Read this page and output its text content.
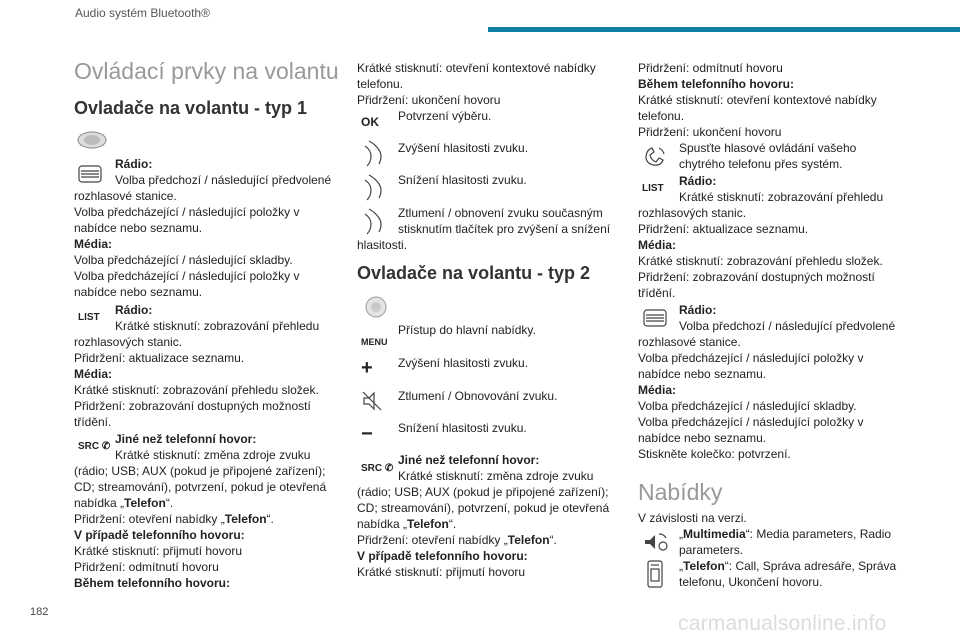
Audio systém Bluetooth®
182	carmanualsonline.info
Ovládací prvky na volantu
Ovladače na volantu - typ 1
Rádio:
Volba předchozí / následující předvolené
rozhlasové stanice.
Volba předcházející / následující položky v
nabídce nebo seznamu.
Média:
Volba předcházející / následující skladby.
Volba předcházející / následující položky v
nabídce nebo seznamu.
LIST
Rádio:
Krátké stisknutí: zobrazování přehledu
rozhlasových stanic.
Přidržení: aktualizace seznamu.
Média:
Krátké stisknutí: zobrazování přehledu složek.
Přidržení: zobrazování dostupných možností
třídění.
SRC ✆
Jiné než telefonní hovor:
Krátké stisknutí: změna zdroje zvuku
(rádio; USB; AUX (pokud je připojené zařízení);
CD; streamování), potvrzení, pokud je otevřená
nabídka „Telefon“.
Přidržení: otevření nabídky „Telefon“.
V případě telefonního hovoru:
Krátké stisknutí: přijmutí hovoru
Přidržení: odmítnutí hovoru
Během telefonního hovoru:
Krátké stisknutí: otevření kontextové nabídky
telefonu.
Přidržení: ukončení hovoru
OK	Potvrzení výběru.
Zvýšení hlasitosti zvuku.
Snížení hlasitosti zvuku.
Ztlumení / obnovení zvuku současným
stisknutím tlačítek pro zvýšení a snížení
hlasitosti.
Ovladače na volantu - typ 2
MENU
Přístup do hlavní nabídky.
+	Zvýšení hlasitosti zvuku.
Ztlumení / Obnovování zvuku.
−	Snížení hlasitosti zvuku.
SRC ✆
Jiné než telefonní hovor:
Krátké stisknutí: změna zdroje zvuku
(rádio; USB; AUX (pokud je připojené zařízení);
CD; streamování), potvrzení, pokud je otevřená
nabídka „Telefon“.
Přidržení: otevření nabídky „Telefon“.
V případě telefonního hovoru:
Krátké stisknutí: přijmutí hovoru
Přidržení: odmítnutí hovoru
Během telefonního hovoru:
Krátké stisknutí: otevření kontextové nabídky
telefonu.
Přidržení: ukončení hovoru
Spusťte hlasové ovládání vašeho
chytrého telefonu přes systém.
LIST
Rádio:
Krátké stisknutí: zobrazování přehledu
rozhlasových stanic.
Přidržení: aktualizace seznamu.
Média:
Krátké stisknutí: zobrazování přehledu složek.
Přidržení: zobrazování dostupných možností
třídění.
Rádio:
Volba předchozí / následující předvolené
rozhlasové stanice.
Volba předcházející / následující položky v
nabídce nebo seznamu.
Média:
Volba předcházející / následující skladby.
Volba předcházející / následující položky v
nabídce nebo seznamu.
Stiskněte kolečko: potvrzení.
Nabídky
V závislosti na verzi.
„Multimedia“: Media parameters, Radio
parameters.
„Telefon“: Call, Správa adresáře, Správa
telefonu, Ukončení hovoru.
